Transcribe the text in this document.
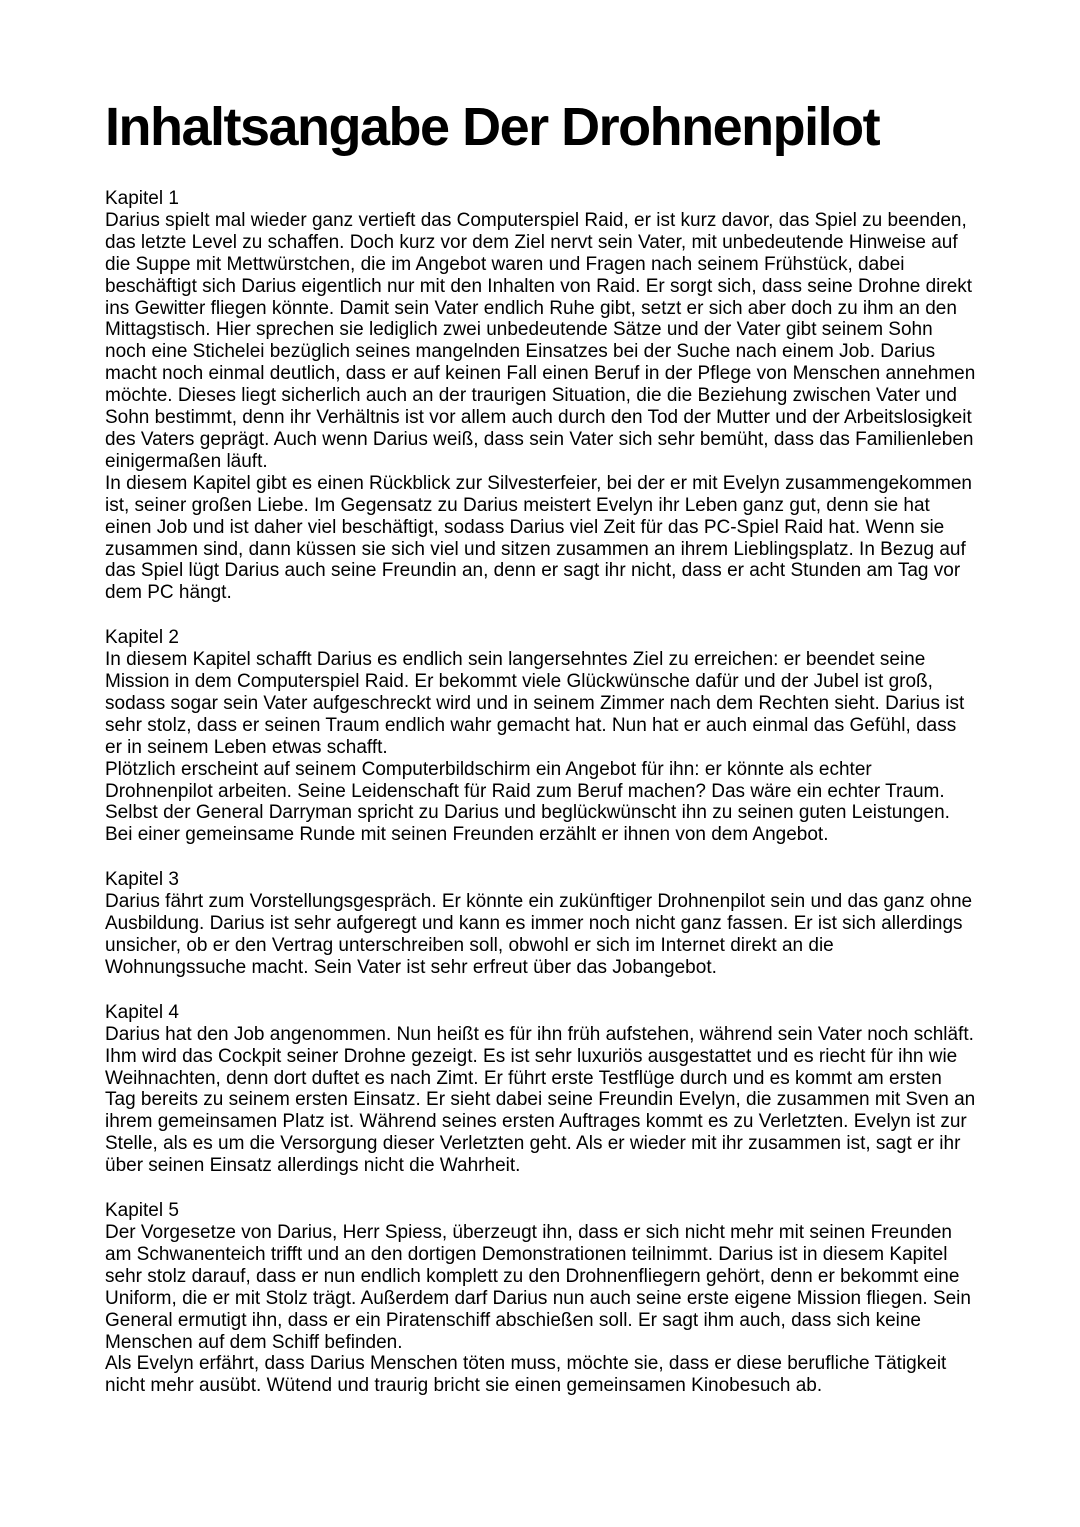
Inhaltsangabe Der Drohnenpilot
Kapitel 1
Darius spielt mal wieder ganz vertieft das Computerspiel Raid, er ist kurz davor, das Spiel zu beenden, das letzte Level zu schaffen. Doch kurz vor dem Ziel nervt sein Vater, mit unbedeutende Hinweise auf die Suppe mit Mettwürstchen, die im Angebot waren und Fragen nach seinem Frühstück, dabei beschäftigt sich Darius eigentlich nur mit den Inhalten von Raid. Er sorgt sich, dass seine Drohne direkt ins Gewitter fliegen könnte. Damit sein Vater endlich Ruhe gibt, setzt er sich aber doch zu ihm an den Mittagstisch. Hier sprechen sie lediglich zwei unbedeutende Sätze und der Vater gibt seinem Sohn noch eine Stichelei bezüglich seines mangelnden Einsatzes bei der Suche nach einem Job. Darius macht noch einmal deutlich, dass er auf keinen Fall einen Beruf in der Pflege von Menschen annehmen möchte. Dieses liegt sicherlich auch an der traurigen Situation, die die Beziehung zwischen Vater und Sohn bestimmt, denn ihr Verhältnis ist vor allem auch durch den Tod der Mutter und der Arbeitslosigkeit des Vaters geprägt. Auch wenn Darius weiß, dass sein Vater sich sehr bemüht, dass das Familienleben einigermaßen läuft.
In diesem Kapitel gibt es einen Rückblick zur Silvesterfeier, bei der er mit Evelyn zusammengekommen ist, seiner großen Liebe. Im Gegensatz zu Darius meistert Evelyn ihr Leben ganz gut, denn sie hat einen Job und ist daher viel beschäftigt, sodass Darius viel Zeit für das PC-Spiel Raid hat. Wenn sie zusammen sind, dann küssen sie sich viel und sitzen zusammen an ihrem Lieblingsplatz. In Bezug auf das Spiel lügt Darius auch seine Freundin an, denn er sagt ihr nicht, dass er acht Stunden am Tag vor dem PC hängt.
Kapitel 2
In diesem Kapitel schafft Darius es endlich sein langersehntes Ziel zu erreichen: er beendet seine Mission in dem Computerspiel Raid. Er bekommt viele Glückwünsche dafür und der Jubel ist groß, sodass sogar sein Vater aufgeschreckt wird und in seinem Zimmer nach dem Rechten sieht. Darius ist sehr stolz, dass er seinen Traum endlich wahr gemacht hat. Nun hat er auch einmal das Gefühl, dass er in seinem Leben etwas schafft.
Plötzlich erscheint auf seinem Computerbildschirm ein Angebot für ihn: er könnte als echter Drohnenpilot arbeiten. Seine Leidenschaft für Raid zum Beruf machen? Das wäre ein echter Traum. Selbst der General Darryman spricht zu Darius und beglückwünscht ihn zu seinen guten Leistungen. Bei einer gemeinsame Runde mit seinen Freunden erzählt er ihnen von dem Angebot.
Kapitel 3
Darius fährt zum Vorstellungsgespräch. Er könnte ein zukünftiger Drohnenpilot sein und das ganz ohne Ausbildung. Darius ist sehr aufgeregt und kann es immer noch nicht ganz fassen. Er ist sich allerdings unsicher, ob er den Vertrag unterschreiben soll, obwohl er sich im Internet direkt an die Wohnungssuche macht. Sein Vater ist sehr erfreut über das Jobangebot.
Kapitel 4
Darius hat den Job angenommen. Nun heißt es für ihn früh aufstehen, während sein Vater noch schläft. Ihm wird das Cockpit seiner Drohne gezeigt. Es ist sehr luxuriös ausgestattet und es riecht für ihn wie Weihnachten, denn dort duftet es nach Zimt. Er führt erste Testflüge durch und es kommt am ersten Tag bereits zu seinem ersten Einsatz. Er sieht dabei seine Freundin Evelyn, die zusammen mit Sven an ihrem gemeinsamen Platz ist. Während seines ersten Auftrages kommt es zu Verletzten. Evelyn ist zur Stelle, als es um die Versorgung dieser Verletzten geht. Als er wieder mit ihr zusammen ist, sagt er ihr über seinen Einsatz allerdings nicht die Wahrheit.
Kapitel 5
Der Vorgesetze von Darius, Herr Spiess, überzeugt ihn, dass er sich nicht mehr mit seinen Freunden am Schwanenteich trifft und an den dortigen Demonstrationen teilnimmt. Darius ist in diesem Kapitel sehr stolz darauf, dass er nun endlich komplett zu den Drohnenfliegern gehört, denn er bekommt eine Uniform, die er mit Stolz trägt. Außerdem darf Darius nun auch seine erste eigene Mission fliegen. Sein General ermutigt ihn, dass er ein Piratenschiff abschießen soll. Er sagt ihm auch, dass sich keine Menschen auf dem Schiff befinden.
Als Evelyn erfährt, dass Darius Menschen töten muss, möchte sie, dass er diese berufliche Tätigkeit nicht mehr ausübt. Wütend und traurig bricht sie einen gemeinsamen Kinobesuch ab.
